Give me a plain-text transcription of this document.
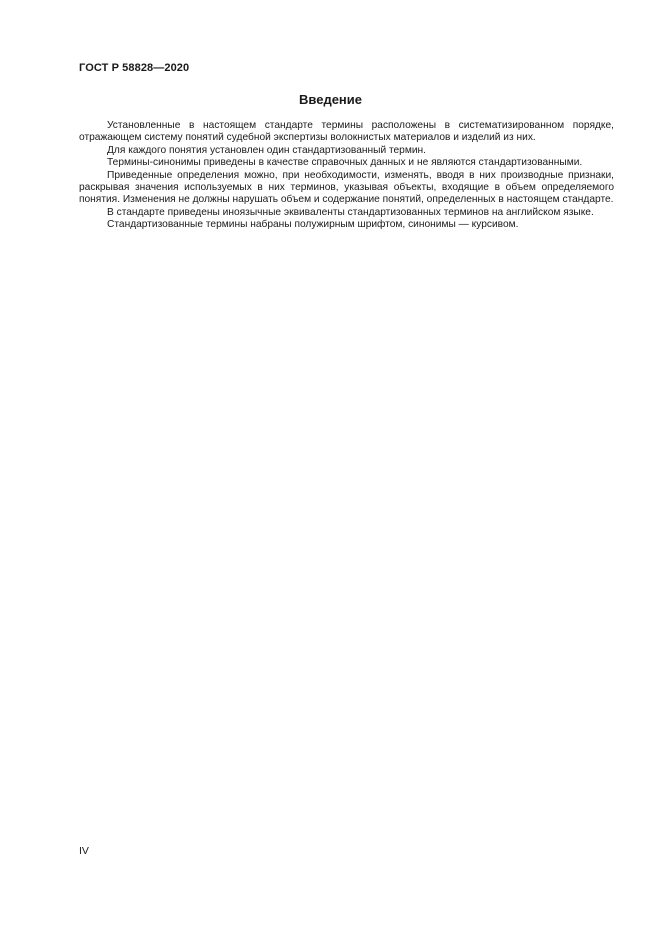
ГОСТ Р 58828—2020
Введение

Установленные в настоящем стандарте термины расположены в систематизированном порядке, отражающем систему понятий судебной экспертизы волокнистых материалов и изделий из них.

Для каждого понятия установлен один стандартизованный термин.

Термины-синонимы приведены в качестве справочных данных и не являются стандартизованными.

Приведенные определения можно, при необходимости, изменять, вводя в них производные признаки, раскрывая значения используемых в них терминов, указывая объекты, входящие в объем определяемого понятия. Изменения не должны нарушать объем и содержание понятий, определенных в настоящем стандарте.

В стандарте приведены иноязычные эквиваленты стандартизованных терминов на английском языке.

Стандартизованные термины набраны полужирным шрифтом, синонимы — курсивом.

IV
